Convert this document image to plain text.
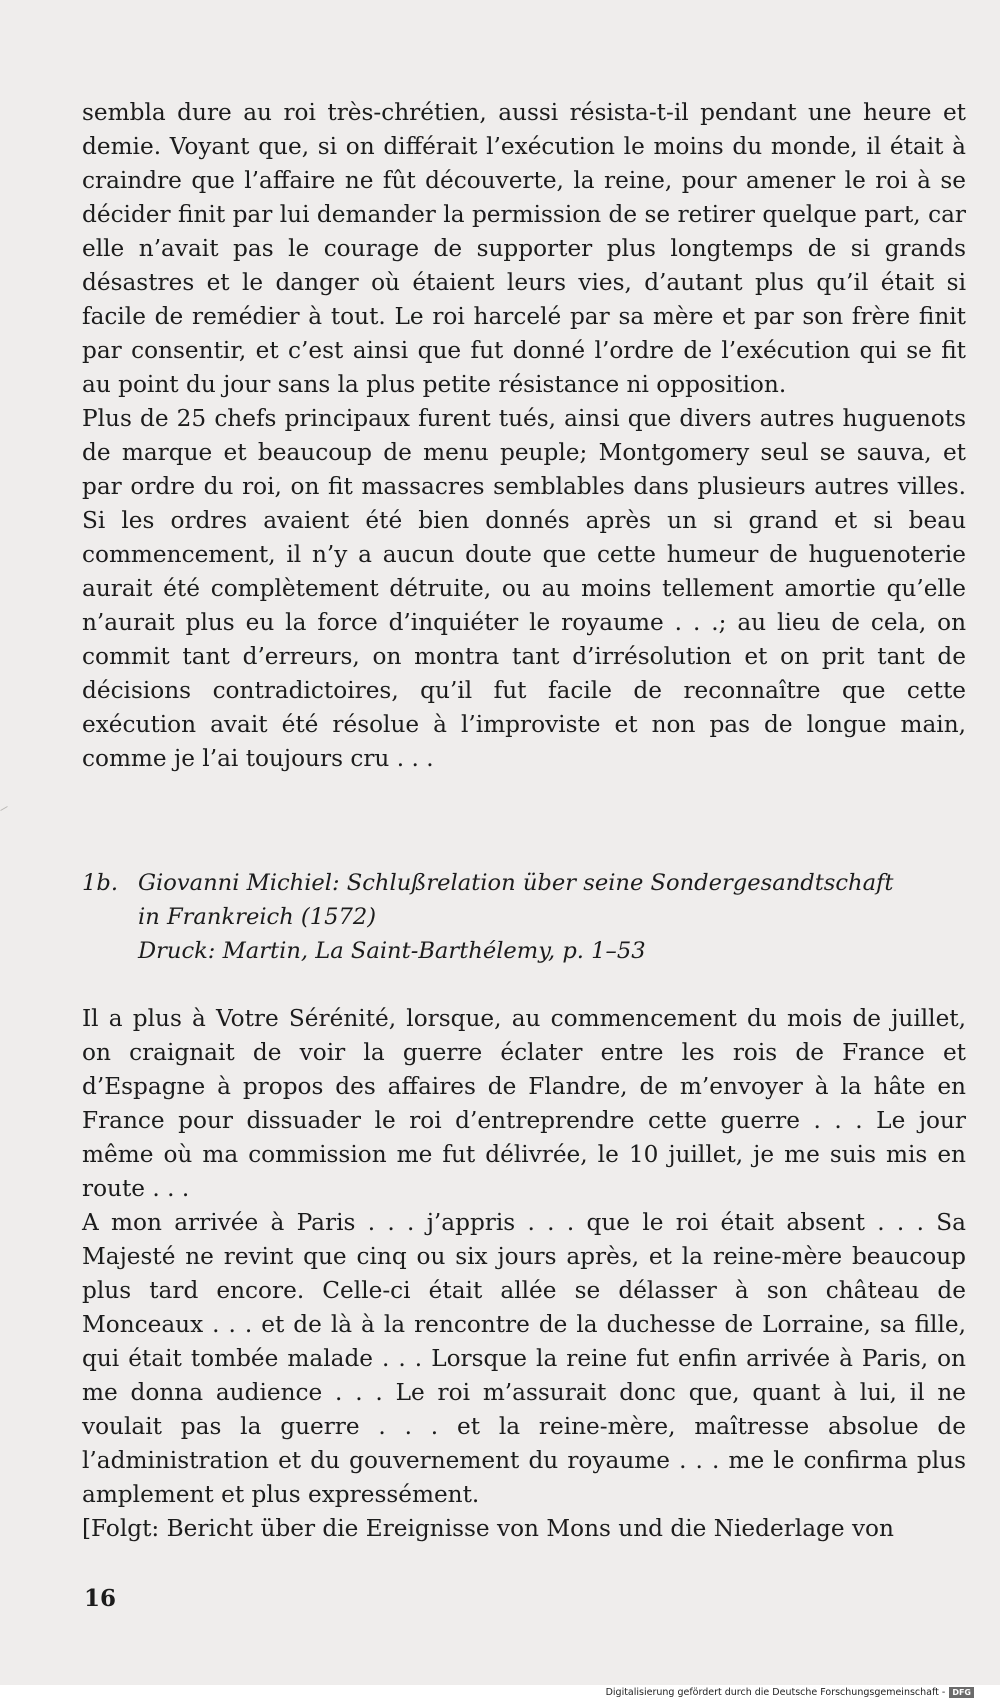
sembla dure au roi très-chrétien, aussi résista-t-il pendant une heure et demie. Voyant que, si on différait l’exécution le moins du monde, il était à craindre que l’affaire ne fût découverte, la reine, pour amener le roi à se décider finit par lui demander la permission de se retirer quelque part, car elle n’avait pas le courage de supporter plus longtemps de si grands désastres et le danger où étaient leurs vies, d’autant plus qu’il était si facile de remédier à tout. Le roi harcelé par sa mère et par son frère finit par consentir, et c’est ainsi que fut donné l’ordre de l’exécution qui se fit au point du jour sans la plus petite résistance ni opposition.

Plus de 25 chefs principaux furent tués, ainsi que divers autres huguenots de marque et beaucoup de menu peuple; Montgomery seul se sauva, et par ordre du roi, on fit massacres semblables dans plusieurs autres villes. Si les ordres avaient été bien donnés après un si grand et si beau commencement, il n’y a aucun doute que cette humeur de huguenoterie aurait été complètement détruite, ou au moins tellement amortie qu’elle n’aurait plus eu la force d’inquiéter le royaume . . .; au lieu de cela, on commit tant d’erreurs, on montra tant d’irrésolution et on prit tant de décisions contradictoires, qu’il fut facile de reconnaître que cette exécution avait été résolue à l’improviste et non pas de longue main, comme je l’ai toujours cru . . .

1b. Giovanni Michiel: Schlußrelation über seine Sondergesandtschaft
in Frankreich (1572)
Druck: Martin, La Saint-Barthélemy, p. 1–53

Il a plus à Votre Sérénité, lorsque, au commencement du mois de juillet, on craignait de voir la guerre éclater entre les rois de France et d’Espagne à propos des affaires de Flandre, de m’envoyer à la hâte en France pour dissuader le roi d’entreprendre cette guerre . . . Le jour même où ma commission me fut délivrée, le 10 juillet, je me suis mis en route . . .

A mon arrivée à Paris . . . j’appris . . . que le roi était absent . . . Sa Majesté ne revint que cinq ou six jours après, et la reine-mère beaucoup plus tard encore. Celle-ci était allée se délasser à son château de Monceaux . . . et de là à la rencontre de la duchesse de Lorraine, sa fille, qui était tombée malade . . . Lorsque la reine fut enfin arrivée à Paris, on me donna audience . . . Le roi m’assurait donc que, quant à lui, il ne voulait pas la guerre . . . et la reine-mère, maîtresse absolue de l’administration et du gouvernement du royaume . . . me le confirma plus amplement et plus expressément.

[Folgt: Bericht über die Ereignisse von Mons und die Niederlage von

16
Digitalisierung gefördert durch die Deutsche Forschungsgemeinschaft - DFG
